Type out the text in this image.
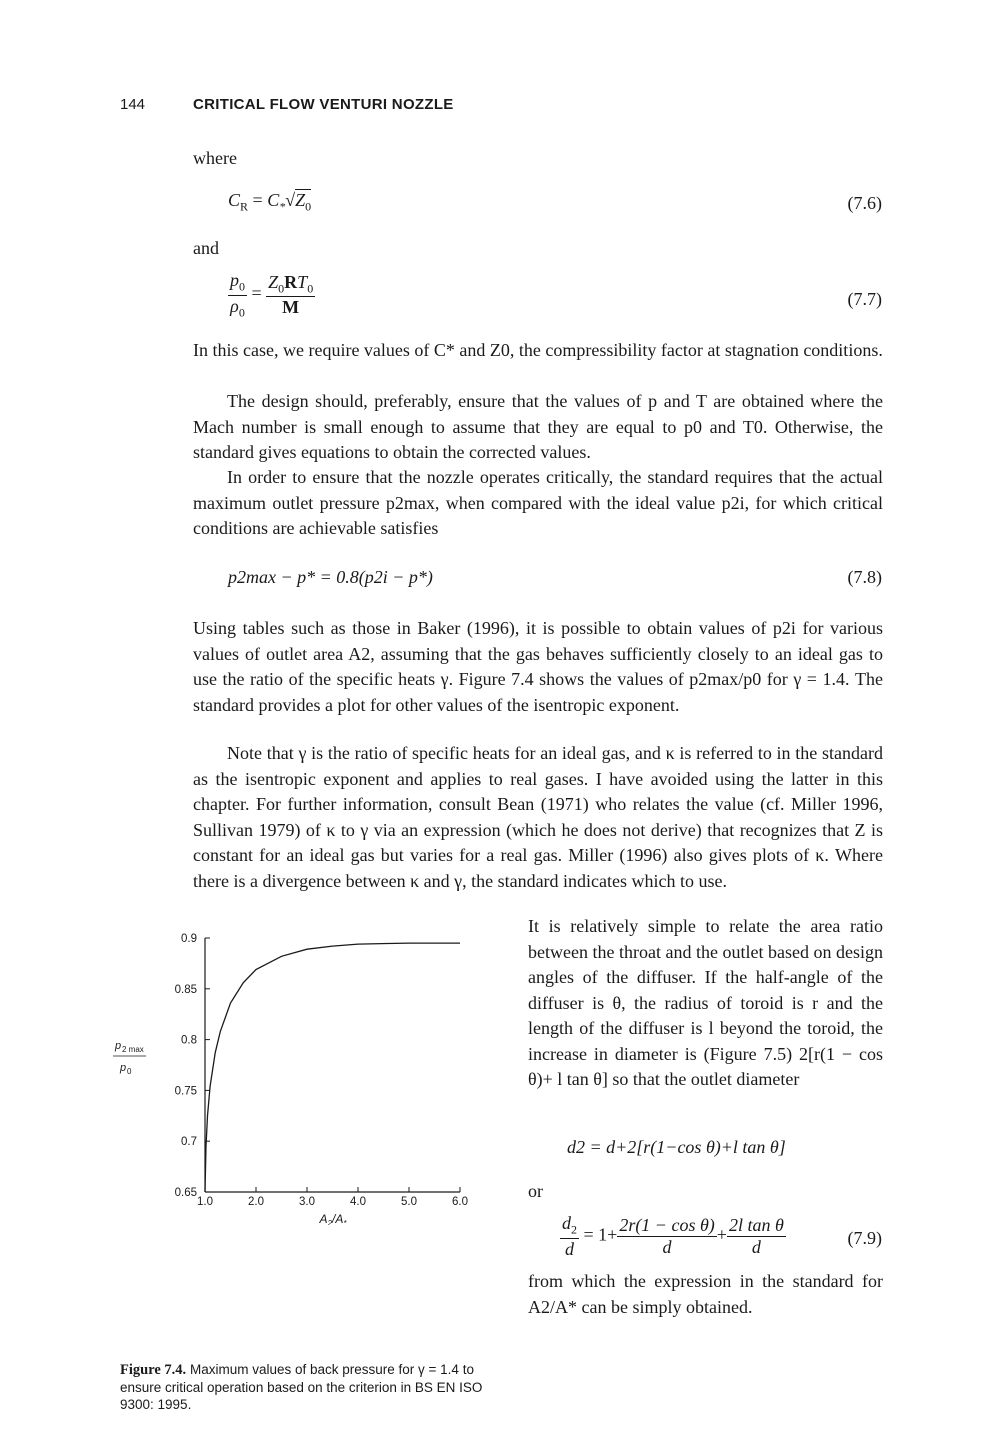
144	CRITICAL FLOW VENTURI NOZZLE
where
$C_R = C_*√Z_0$	(7.6)
and
$\frac{p_0}{\rho_0} = \frac{Z_0RT_0}{M}$	(7.7)

In this case, we require values of C* and Z0, the compressibility factor at stagnation conditions.

The design should, preferably, ensure that the values of p and T are obtained where the Mach number is small enough to assume that they are equal to p0 and T0. Otherwise, the standard gives equations to obtain the corrected values.

In order to ensure that the nozzle operates critically, the standard requires that the actual maximum outlet pressure p2max, when compared with the ideal value p2i, for which critical conditions are achievable satisfies

p2max − p* = 0.8(p2i − p*)	(7.8)

Using tables such as those in Baker (1996), it is possible to obtain values of p2i for various values of outlet area A2, assuming that the gas behaves sufficiently closely to an ideal gas to use the ratio of the specific heats γ. Figure 7.4 shows the values of p2max/p0 for γ = 1.4. The standard provides a plot for other values of the isentropic exponent.

Note that γ is the ratio of specific heats for an ideal gas, and κ is referred to in the standard as the isentropic exponent and applies to real gases. I have avoided using the latter in this chapter. For further information, consult Bean (1971) who relates the value (cf. Miller 1996, Sullivan 1979) of κ to γ via an expression (which he does not derive) that recognizes that Z is constant for an ideal gas but varies for a real gas. Miller (1996) also gives plots of κ. Where there is a divergence between κ and γ, the standard indicates which to use.

1.0	2.0	3.0	4.0	5.0	6.0
0.9
0.85
0.8
0.75
0.7
0.65
p 2 max
p 0
$A_2/A_*$

Figure 7.4. Maximum values of back pressure for γ = 1.4 to ensure critical operation based on the criterion in BS EN ISO 9300: 1995.

It is relatively simple to relate the area ratio between the throat and the outlet based on design angles of the diffuser. If the half-angle of the diffuser is θ, the radius of toroid is r and the length of the diffuser is l beyond the toroid, the increase in diameter is (Figure 7.5) 2[r(1 − cos θ)+ l tan θ] so that the outlet diameter

d2 = d+2[r(1−cos θ)+l tan θ]
or
$\frac{d_2}{d} = 1+ \frac{\text{2r(1 − cos θ)}}{d} + \frac{\text{2l tan θ}}{d}$	(7.9)

from which the expression in the standard for A2/A* can be simply obtained.
